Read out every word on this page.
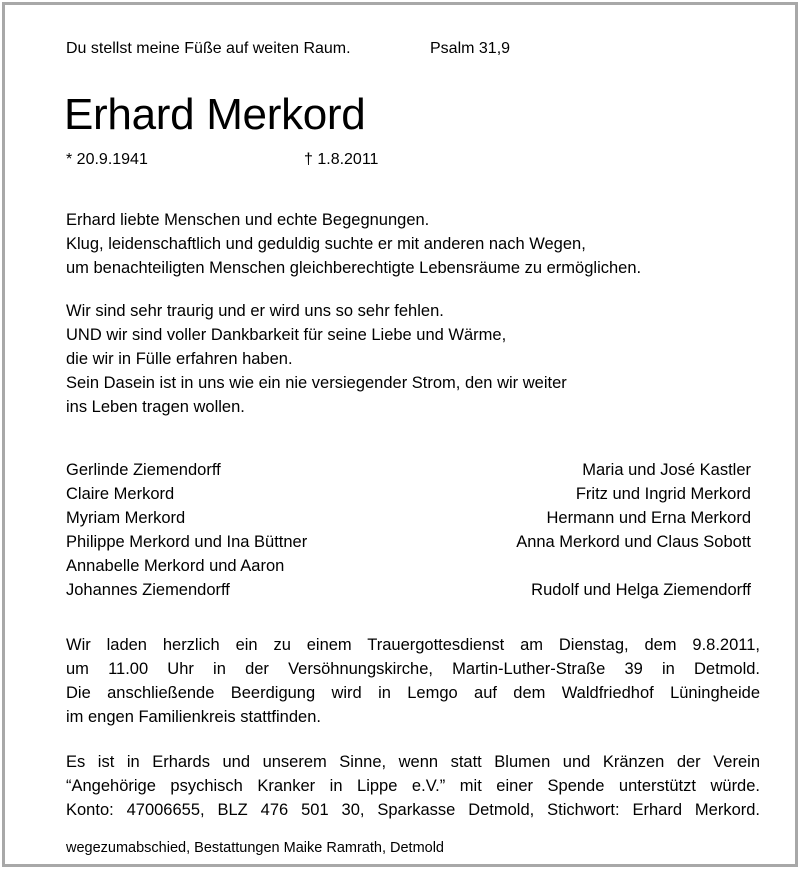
Du stellst meine Füße auf weiten Raum.	Psalm 31,9
Erhard Merkord
* 20.9.1941	† 1.8.2011
Erhard liebte Menschen und echte Begegnungen.
Klug, leidenschaftlich und geduldig suchte er mit anderen nach Wegen,
um benachteiligten Menschen gleichberechtigte Lebensräume zu ermöglichen.
Wir sind sehr traurig und er wird uns so sehr fehlen.
UND wir sind voller Dankbarkeit für seine Liebe und Wärme,
die wir in Fülle erfahren haben.
Sein Dasein ist in uns wie ein nie versiegender Strom, den wir weiter
ins Leben tragen wollen.
Gerlinde Ziemendorff
Claire Merkord
Myriam Merkord
Philippe Merkord und Ina Büttner
Annabelle Merkord und Aaron
Johannes Ziemendorff
Maria und José Kastler
Fritz und Ingrid Merkord
Hermann und Erna Merkord
Anna Merkord und Claus Sobott
Rudolf und Helga Ziemendorff
Wir laden herzlich ein zu einem Trauergottesdienst am Dienstag, dem 9.8.2011,
um 11.00 Uhr in der Versöhnungskirche, Martin-Luther-Straße 39 in Detmold.
Die anschließende Beerdigung wird in Lemgo auf dem Waldfriedhof Lüningheide
im engen Familienkreis stattfinden.
Es ist in Erhards und unserem Sinne, wenn statt Blumen und Kränzen der Verein
“Angehörige psychisch Kranker in Lippe e.V.” mit einer Spende unterstützt würde.
Konto: 47006655, BLZ 476 501 30, Sparkasse Detmold, Stichwort: Erhard Merkord.
wegezumabschied, Bestattungen Maike Ramrath, Detmold
